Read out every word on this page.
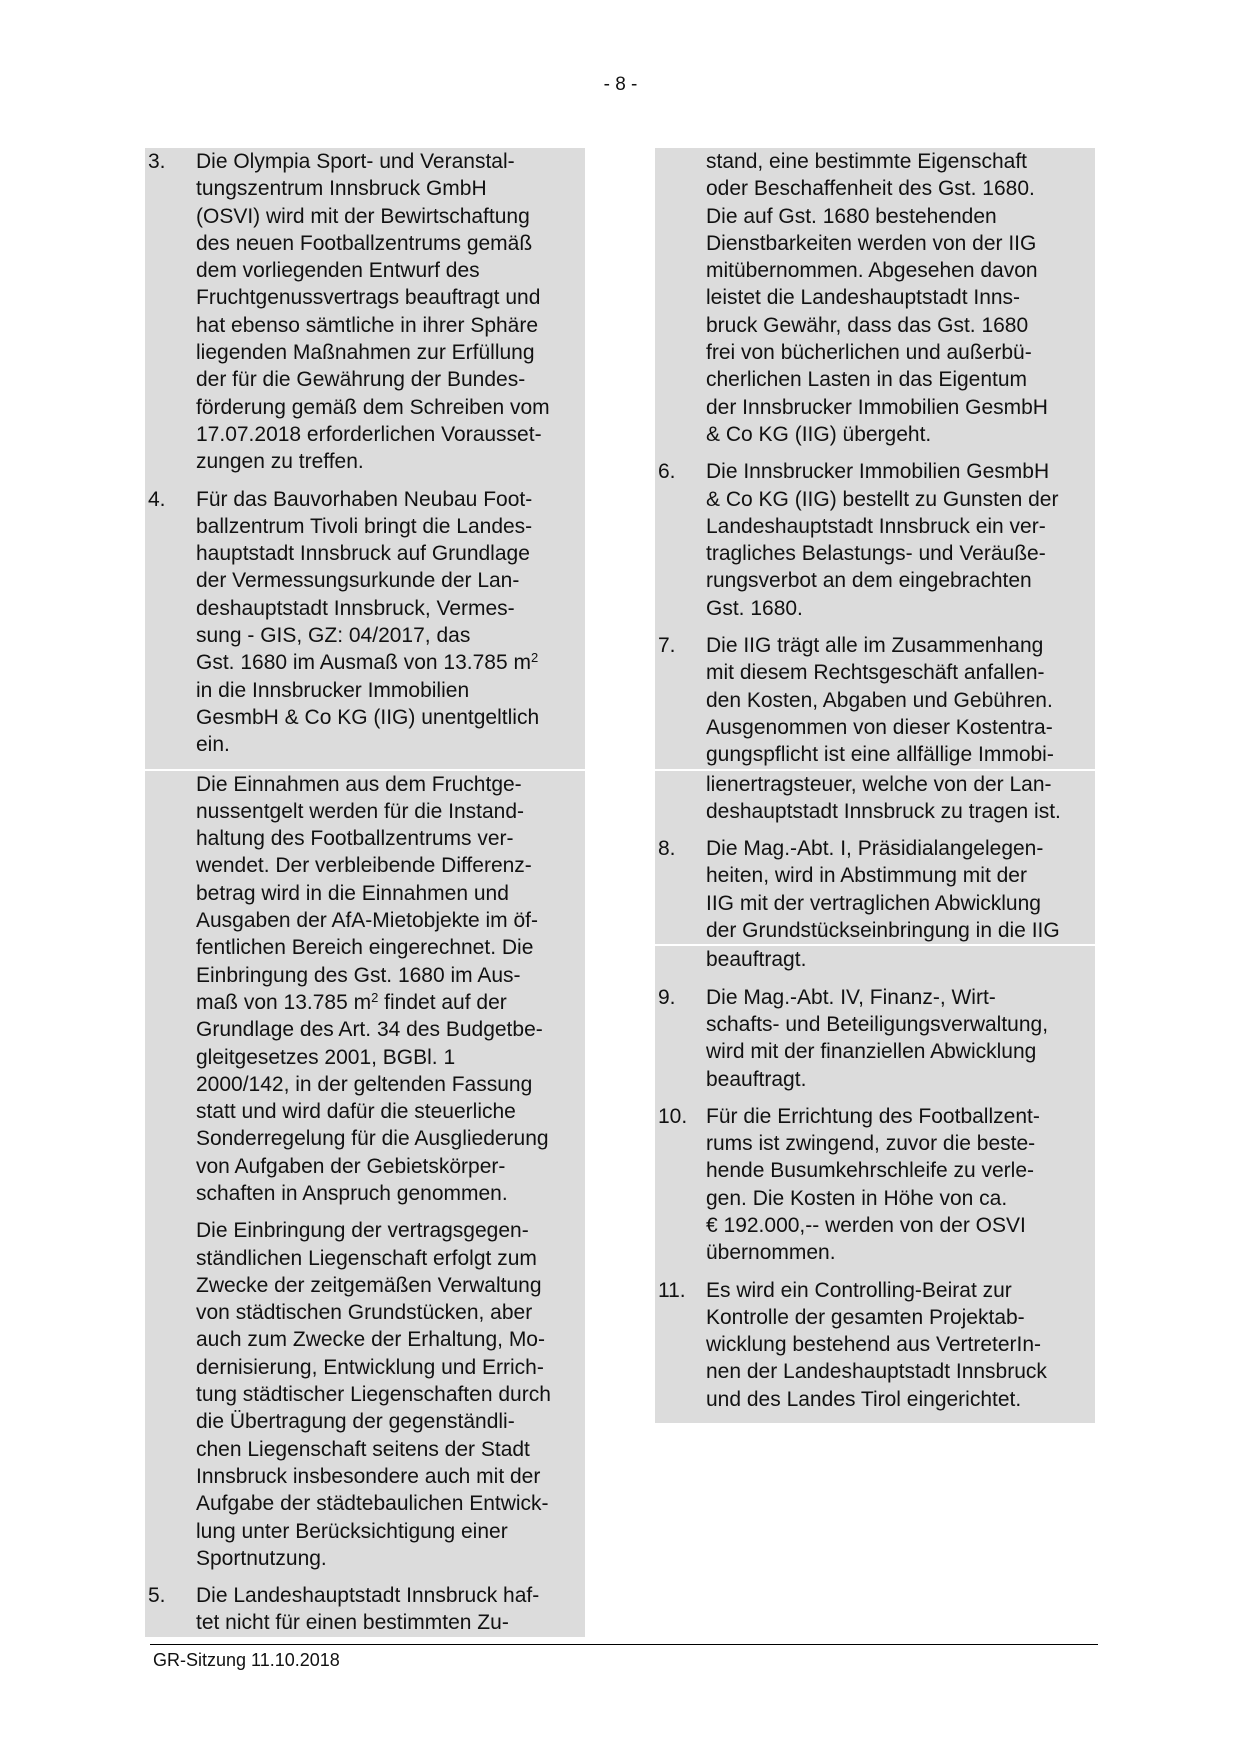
- 8 -
3.	Die Olympia Sport- und Veranstal-
tungszentrum Innsbruck GmbH
(OSVI) wird mit der Bewirtschaftung
des neuen Footballzentrums gemäß
dem vorliegenden Entwurf des
Fruchtgenussvertrags beauftragt und
hat ebenso sämtliche in ihrer Sphäre
liegenden Maßnahmen zur Erfüllung
der für die Gewährung der Bundes-
förderung gemäß dem Schreiben vom
17.07.2018 erforderlichen Vorausset-
zungen zu treffen.
4.	Für das Bauvorhaben Neubau Foot-
ballzentrum Tivoli bringt die Landes-
hauptstadt Innsbruck auf Grundlage
der Vermessungsurkunde der Lan-
deshauptstadt Innsbruck, Vermes-
sung - GIS, GZ: 04/2017, das
Gst. 1680 im Ausmaß von 13.785 $m^2$
in die Innsbrucker Immobilien
GesmbH & Co KG (IIG) unentgeltlich
ein.
Die Einnahmen aus dem Fruchtge-
nussentgelt werden für die Instand-
haltung des Footballzentrums ver-
wendet. Der verbleibende Differenz-
betrag wird in die Einnahmen und
Ausgaben der AfA-Mietobjekte im öf-
fentlichen Bereich eingerechnet. Die
Einbringung des Gst. 1680 im Aus-
maß von 13.785 $m^2$ findet auf der
Grundlage des Art. 34 des Budgetbe-
gleitgesetzes 2001, BGBl. 1
2000/142, in der geltenden Fassung
statt und wird dafür die steuerliche
Sonderregelung für die Ausgliederung
von Aufgaben der Gebietskörper-
schaften in Anspruch genommen.
Die Einbringung der vertragsgegen-
ständlichen Liegenschaft erfolgt zum
Zwecke der zeitgemäßen Verwaltung
von städtischen Grundstücken, aber
auch zum Zwecke der Erhaltung, Mo-
dernisierung, Entwicklung und Errich-
tung städtischer Liegenschaften durch
die Übertragung der gegenständli-
chen Liegenschaft seitens der Stadt
Innsbruck insbesondere auch mit der
Aufgabe der städtebaulichen Entwick-
lung unter Berücksichtigung einer
Sportnutzung.
5.	Die Landeshauptstadt Innsbruck haf-
tet nicht für einen bestimmten Zu-
stand, eine bestimmte Eigenschaft
oder Beschaffenheit des Gst. 1680.
Die auf Gst. 1680 bestehenden
Dienstbarkeiten werden von der IIG
mitübernommen. Abgesehen davon
leistet die Landeshauptstadt Inns-
bruck Gewähr, dass das Gst. 1680
frei von bücherlichen und außerbü-
cherlichen Lasten in das Eigentum
der Innsbrucker Immobilien GesmbH
& Co KG (IIG) übergeht.
6.	Die Innsbrucker Immobilien GesmbH
& Co KG (IIG) bestellt zu Gunsten der
Landeshauptstadt Innsbruck ein ver-
tragliches Belastungs- und Veräuße-
rungsverbot an dem eingebrachten
Gst. 1680.
7.	Die IIG trägt alle im Zusammenhang
mit diesem Rechtsgeschäft anfallen-
den Kosten, Abgaben und Gebühren.
Ausgenommen von dieser Kostentra-
gungspflicht ist eine allfällige Immobi-
lienertragsteuer, welche von der Lan-
deshauptstadt Innsbruck zu tragen ist.
8.	Die Mag.-Abt. I, Präsidialangelegen-
heiten, wird in Abstimmung mit der
IIG mit der vertraglichen Abwicklung
der Grundstückseinbringung in die IIG
beauftragt.
9.	Die Mag.-Abt. IV, Finanz-, Wirt-
schafts- und Beteiligungsverwaltung,
wird mit der finanziellen Abwicklung
beauftragt.
10. Für die Errichtung des Footballzent-
rums ist zwingend, zuvor die beste-
hende Busumkehrschleife zu verle-
gen. Die Kosten in Höhe von ca.
€ 192.000,-- werden von der OSVI
übernommen.
11. Es wird ein Controlling-Beirat zur
Kontrolle der gesamten Projektab-
wicklung bestehend aus VertreterIn-
nen der Landeshauptstadt Innsbruck
und des Landes Tirol eingerichtet.
GR-Sitzung 11.10.2018
